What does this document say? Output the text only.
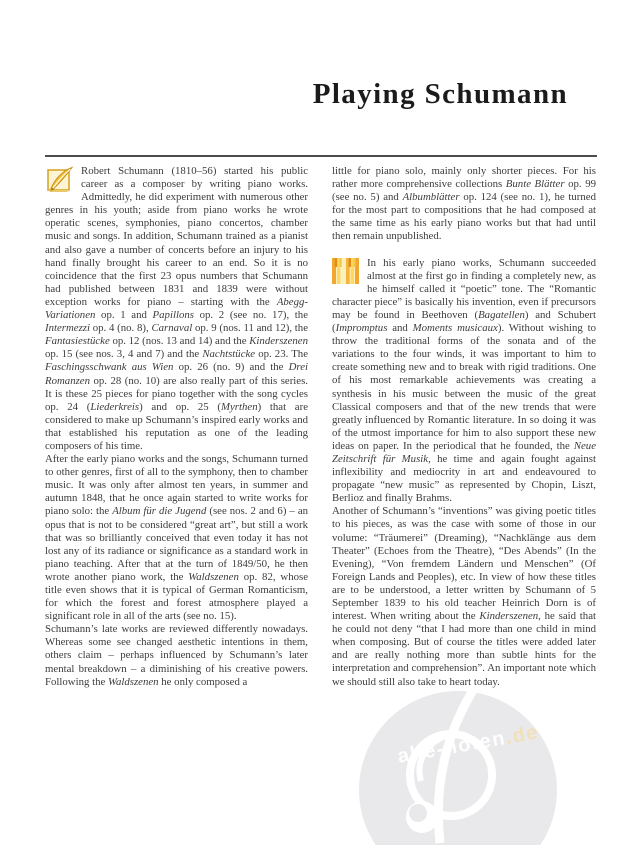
alle-noten.de
Playing Schumann

Robert Schumann (1810–56) started his public career as a composer by writing piano works. Admittedly, he did experiment with numerous other genres in his youth; aside from piano works he wrote operatic scenes, symphonies, piano concertos, chamber music and songs. In addition, Schumann trained as a pianist and also gave a number of concerts before an injury to his hand finally brought his career to an end. So it is no coincidence that the first 23 opus numbers that Schumann had published between 1831 and 1839 were without exception works for piano – starting with the Abegg-Variationen op. 1 and Papillons op. 2 (see no. 17), the Intermezzi op. 4 (no. 8), Carnaval op. 9 (nos. 11 and 12), the Fantasiestücke op. 12 (nos. 13 and 14) and the Kinderszenen op. 15 (see nos. 3, 4 and 7) and the Nachtstücke op. 23. The Faschingsschwank aus Wien op. 26 (no. 9) and the Drei Romanzen op. 28 (no. 10) are also really part of this series. It is these 25 pieces for piano together with the song cycles op. 24 (Liederkreis) and op. 25 (Myrthen) that are considered to make up Schumann’s inspired early works and that established his reputation as one of the leading composers of his time.

After the early piano works and the songs, Schumann turned to other genres, first of all to the symphony, then to chamber music. It was only after almost ten years, in summer and autumn 1848, that he once again started to write works for piano solo: the Album für die Jugend (see nos. 2 and 6) – an opus that is not to be considered “great art”, but still a work that was so brilliantly conceived that even today it has not lost any of its radiance or significance as a standard work in piano teaching. After that at the turn of 1849/50, he then wrote another piano work, the Waldszenen op. 82, whose title even shows that it is typical of German Romanticism, for which the forest and forest atmosphere played a significant role in all of the arts (see no. 15).

Schumann’s late works are reviewed differently nowadays. Whereas some see changed aesthetic intentions in them, others claim – perhaps influenced by Schumann’s later mental breakdown – a diminishing of his creative powers. Following the Waldszenen he only composed a

little for piano solo, mainly only shorter pieces. For his rather more comprehensive collections Bunte Blätter op. 99 (see no. 5) and Albumblätter op. 124 (see no. 1), he turned for the most part to compositions that he had composed at the same time as his early piano works but that had until then remain unpublished.

In his early piano works, Schumann succeeded almost at the first go in finding a completely new, as he himself called it “poetic” tone. The “Romantic character piece” is basically his invention, even if precursors may be found in Beethoven (Bagatellen) and Schubert (Impromptus and Moments musicaux). Without wishing to throw the traditional forms of the sonata and of the variations to the four winds, it was important to him to create something new and to break with rigid traditions. One of his most remarkable achievements was creating a synthesis in his music between the music of the great Classical composers and that of the new trends that were greatly influenced by Romantic literature. In so doing it was of the utmost importance for him to also support these new ideas on paper. In the periodical that he founded, the Neue Zeitschrift für Musik, he time and again fought against inflexibility and mediocrity in art and endeavoured to propagate “new music” as represented by Chopin, Liszt, Berlioz and finally Brahms.

Another of Schumann’s “inventions” was giving poetic titles to his pieces, as was the case with some of those in our volume: “Träumerei” (Dreaming), “Nachklänge aus dem Theater” (Echoes from the Theatre), “Des Abends” (In the Evening), “Von fremdem Ländern und Menschen” (Of Foreign Lands and Peoples), etc. In view of how these titles are to be understood, a letter written by Schumann of 5 September 1839 to his old teacher Heinrich Dorn is of interest. When writing about the Kinderszenen, he said that he could not deny “that I had more than one child in mind when composing. But of course the titles were added later and are really nothing more than subtle hints for the interpretation and comprehension”. An important note which we should still also take to heart today.
